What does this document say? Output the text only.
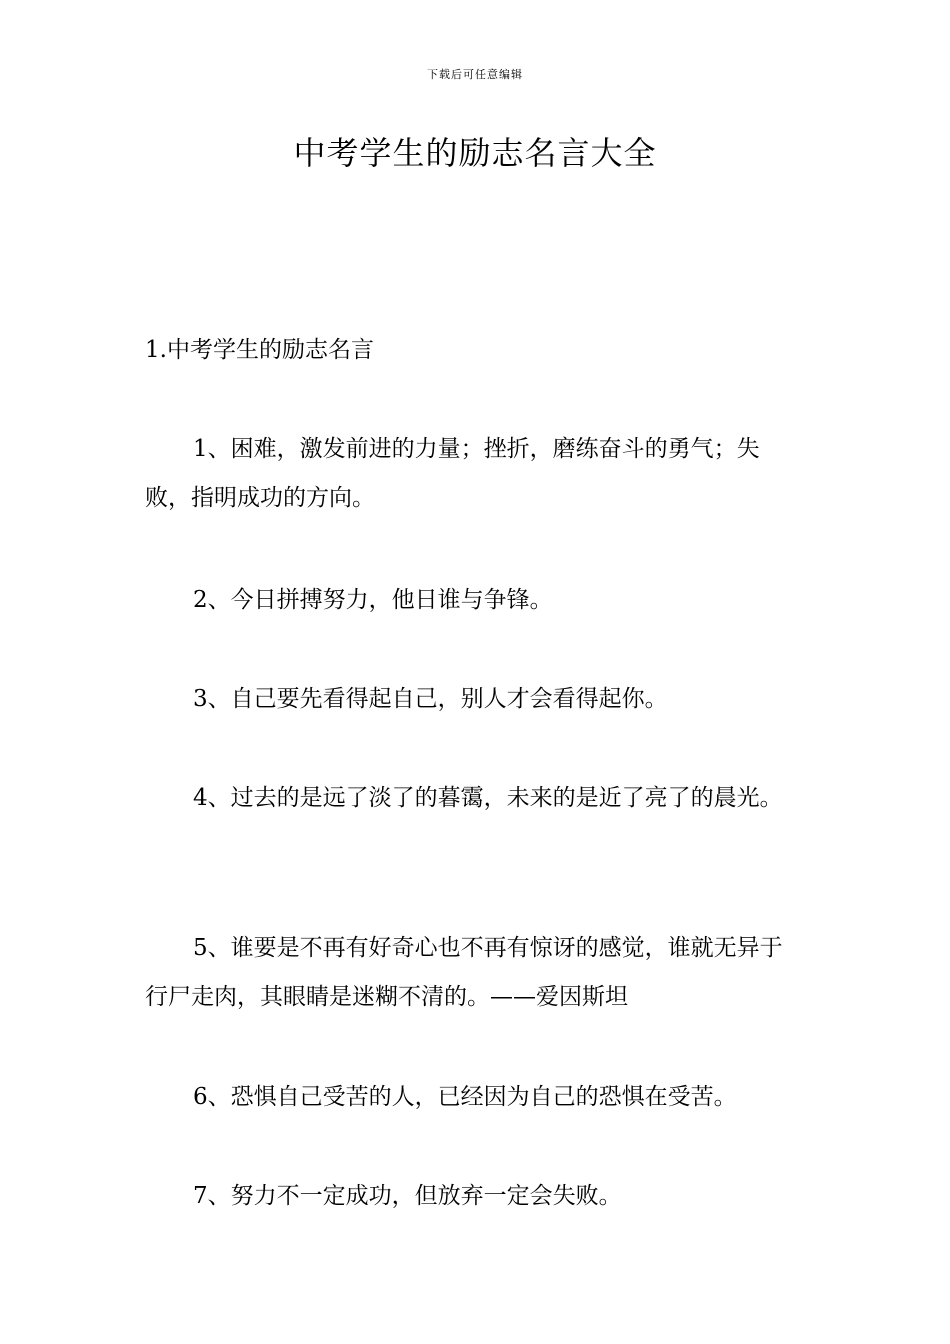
下载后可任意编辑
中考学生的励志名言大全
1.中考学生的励志名言

1、困难，激发前进的力量；挫折，磨练奋斗的勇气；失败，指明成功的方向。

2、今日拼搏努力，他日谁与争锋。

3、自己要先看得起自己，别人才会看得起你。

4、过去的是远了淡了的暮霭，未来的是近了亮了的晨光。

5、谁要是不再有好奇心也不再有惊讶的感觉，谁就无异于行尸走肉，其眼睛是迷糊不清的。——爱因斯坦

6、恐惧自己受苦的人，已经因为自己的恐惧在受苦。

7、努力不一定成功，但放弃一定会失败。
